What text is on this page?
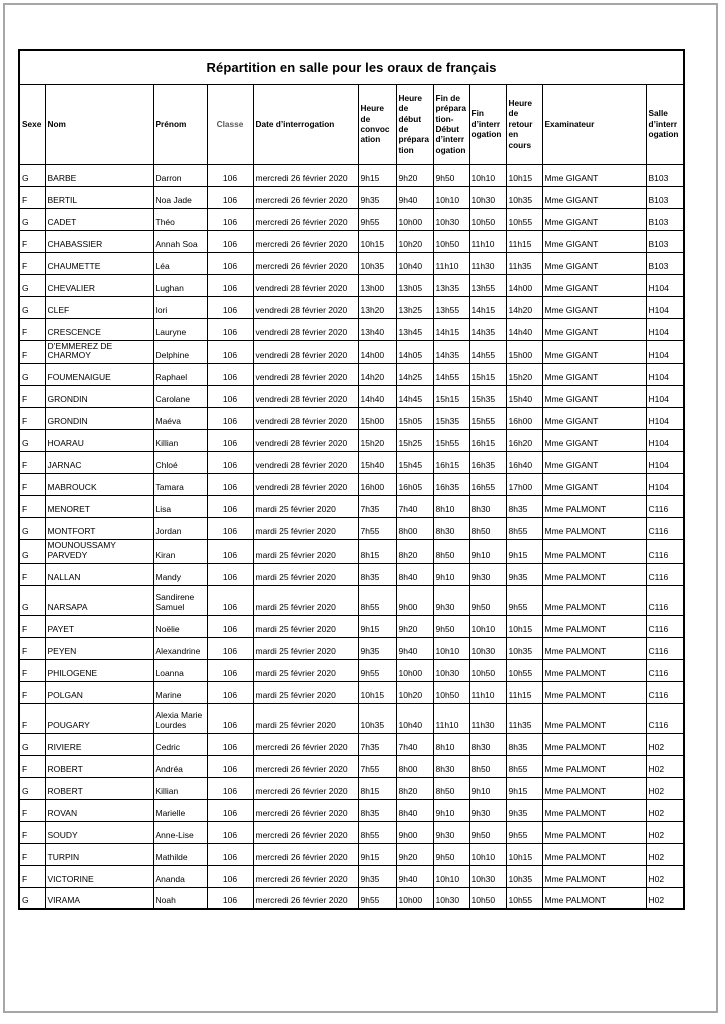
Répartition en salle pour les oraux de français											
Sexe	Nom	Prénom	Classe	Date d’interrogation	Heure de convocation	Heure de début de préparation	Fin de préparation-Début d’interrogation	Fin d’interrogation	Heure de retour en cours	Examinateur	Salle d’interrogation
G	BARBE	Darron	106	mercredi 26 février 2020	9h15	9h20	9h50	10h10	10h15	Mme GIGANT	B103
F	BERTIL	Noa Jade	106	mercredi 26 février 2020	9h35	9h40	10h10	10h30	10h35	Mme GIGANT	B103
G	CADET	Théo	106	mercredi 26 février 2020	9h55	10h00	10h30	10h50	10h55	Mme GIGANT	B103
F	CHABASSIER	Annah Soa	106	mercredi 26 février 2020	10h15	10h20	10h50	11h10	11h15	Mme GIGANT	B103
F	CHAUMETTE	Léa	106	mercredi 26 février 2020	10h35	10h40	11h10	11h30	11h35	Mme GIGANT	B103
G	CHEVALIER	Lughan	106	vendredi 28 février 2020	13h00	13h05	13h35	13h55	14h00	Mme GIGANT	H104
G	CLEF	Iori	106	vendredi 28 février 2020	13h20	13h25	13h55	14h15	14h20	Mme GIGANT	H104
F	CRESCENCE	Lauryne	106	vendredi 28 février 2020	13h40	13h45	14h15	14h35	14h40	Mme GIGANT	H104
F	D’EMMEREZ DE CHARMOY	Delphine	106	vendredi 28 février 2020	14h00	14h05	14h35	14h55	15h00	Mme GIGANT	H104
G	FOUMENAIGUE	Raphael	106	vendredi 28 février 2020	14h20	14h25	14h55	15h15	15h20	Mme GIGANT	H104
F	GRONDIN	Carolane	106	vendredi 28 février 2020	14h40	14h45	15h15	15h35	15h40	Mme GIGANT	H104
F	GRONDIN	Maéva	106	vendredi 28 février 2020	15h00	15h05	15h35	15h55	16h00	Mme GIGANT	H104
G	HOARAU	Killian	106	vendredi 28 février 2020	15h20	15h25	15h55	16h15	16h20	Mme GIGANT	H104
F	JARNAC	Chloé	106	vendredi 28 février 2020	15h40	15h45	16h15	16h35	16h40	Mme GIGANT	H104
F	MABROUCK	Tamara	106	vendredi 28 février 2020	16h00	16h05	16h35	16h55	17h00	Mme GIGANT	H104
F	MENORET	Lisa	106	mardi 25 février 2020	7h35	7h40	8h10	8h30	8h35	Mme PALMONT	C116
G	MONTFORT	Jordan	106	mardi 25 février 2020	7h55	8h00	8h30	8h50	8h55	Mme PALMONT	C116
G	MOUNOUSSAMY PARVEDY	Kiran	106	mardi 25 février 2020	8h15	8h20	8h50	9h10	9h15	Mme PALMONT	C116
F	NALLAN	Mandy	106	mardi 25 février 2020	8h35	8h40	9h10	9h30	9h35	Mme PALMONT	C116
G	NARSAPA	Sandirene Samuel	106	mardi 25 février 2020	8h55	9h00	9h30	9h50	9h55	Mme PALMONT	C116
F	PAYET	Noëlie	106	mardi 25 février 2020	9h15	9h20	9h50	10h10	10h15	Mme PALMONT	C116
F	PEYEN	Alexandrine	106	mardi 25 février 2020	9h35	9h40	10h10	10h30	10h35	Mme PALMONT	C116
F	PHILOGENE	Loanna	106	mardi 25 février 2020	9h55	10h00	10h30	10h50	10h55	Mme PALMONT	C116
F	POLGAN	Marine	106	mardi 25 février 2020	10h15	10h20	10h50	11h10	11h15	Mme PALMONT	C116
F	POUGARY	Alexia Marie Lourdes	106	mardi 25 février 2020	10h35	10h40	11h10	11h30	11h35	Mme PALMONT	C116
G	RIVIERE	Cedric	106	mercredi 26 février 2020	7h35	7h40	8h10	8h30	8h35	Mme PALMONT	H02
F	ROBERT	Andréa	106	mercredi 26 février 2020	7h55	8h00	8h30	8h50	8h55	Mme PALMONT	H02
G	ROBERT	Killian	106	mercredi 26 février 2020	8h15	8h20	8h50	9h10	9h15	Mme PALMONT	H02
F	ROVAN	Marielle	106	mercredi 26 février 2020	8h35	8h40	9h10	9h30	9h35	Mme PALMONT	H02
F	SOUDY	Anne-Lise	106	mercredi 26 février 2020	8h55	9h00	9h30	9h50	9h55	Mme PALMONT	H02
F	TURPIN	Mathilde	106	mercredi 26 février 2020	9h15	9h20	9h50	10h10	10h15	Mme PALMONT	H02
F	VICTORINE	Ananda	106	mercredi 26 février 2020	9h35	9h40	10h10	10h30	10h35	Mme PALMONT	H02
G	VIRAMA	Noah	106	mercredi 26 février 2020	9h55	10h00	10h30	10h50	10h55	Mme PALMONT	H02
